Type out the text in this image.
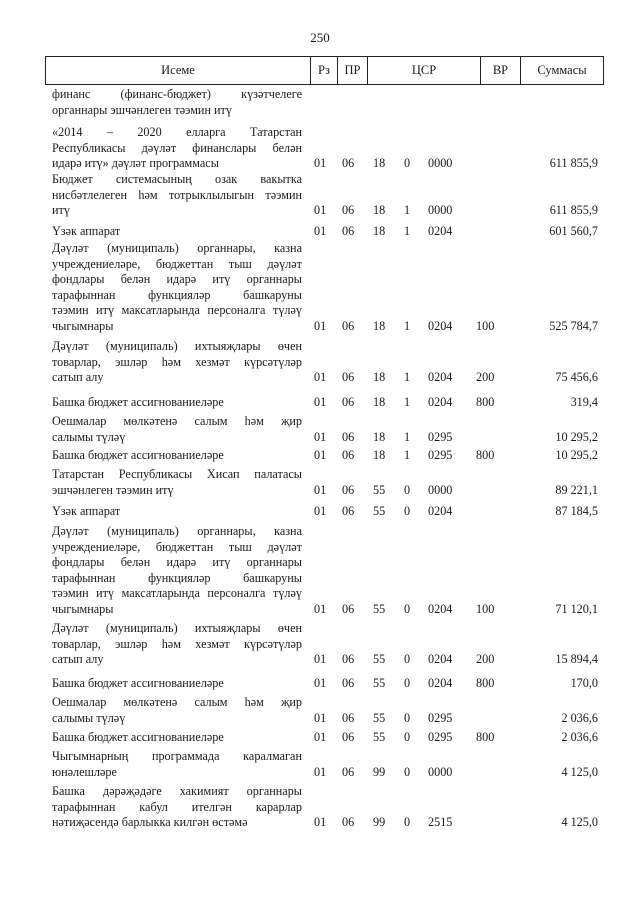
250
Исеме	Рз	ПР	ЦСР	ВР	Суммасы
финанс (финанс-бюджет) күзәтчелеге
органнары эшчәнлеген тәэмин итү
«2014 – 2020 елларга Татарстан
Республикасы дәүләт финанслары белән
идарә итү» дәүләт программасы	01 06 18 0 0000	611 855,9
Бюджет системасының озак вакытка
нисбәтлелеген һәм тотрыклылыгын тәэмин
итү	01 06 18 1 0000	611 855,9
Үзәк аппарат	01 06 18 1 0204	601 560,7
Дәүләт (муниципаль) органнары, казна
учреждениеләре, бюджеттан тыш дәүләт
фондлары белән идарә итү органнары
тарафыннан функцияләр башкаруны
тәэмин итү максатларында персоналга түләү
чыгымнары	01 06 18 1 0204 100	525 784,7
Дәүләт (муниципаль) ихтыяҗлары өчен
товарлар, эшләр һәм хезмәт күрсәтүләр
сатып алу	01 06 18 1 0204 200	75 456,6
Башка бюджет ассигнованиеләре	01 06 18 1 0204 800	319,4
Оешмалар мөлкәтенә салым һәм җир
салымы түләү	01 06 18 1 0295	10 295,2
Башка бюджет ассигнованиеләре	01 06 18 1 0295 800	10 295,2
Татарстан Республикасы Хисап палатасы
эшчәнлеген тәэмин итү	01 06 55 0 0000	89 221,1
Үзәк аппарат	01 06 55 0 0204	87 184,5
Дәүләт (муниципаль) органнары, казна
учреждениеләре, бюджеттан тыш дәүләт
фондлары белән идарә итү органнары
тарафыннан функцияләр башкаруны
тәэмин итү максатларында персоналга түләү
чыгымнары	01 06 55 0 0204 100	71 120,1
Дәүләт (муниципаль) ихтыяҗлары өчен
товарлар, эшләр һәм хезмәт күрсәтүләр
сатып алу	01 06 55 0 0204 200	15 894,4
Башка бюджет ассигнованиеләре	01 06 55 0 0204 800	170,0
Оешмалар мөлкәтенә салым һәм җир
салымы түләү	01 06 55 0 0295	2 036,6
Башка бюджет ассигнованиеләре	01 06 55 0 0295 800	2 036,6
Чыгымнарның программада каралмаган
юнәлешләре	01 06 99 0 0000	4 125,0
Башка дәрәҗәдәге хакимият органнары
тарафыннан кабул ителгән карарлар
нәтиҗәсендә барлыкка килгән өстәмә	01 06 99 0 2515	4 125,0
